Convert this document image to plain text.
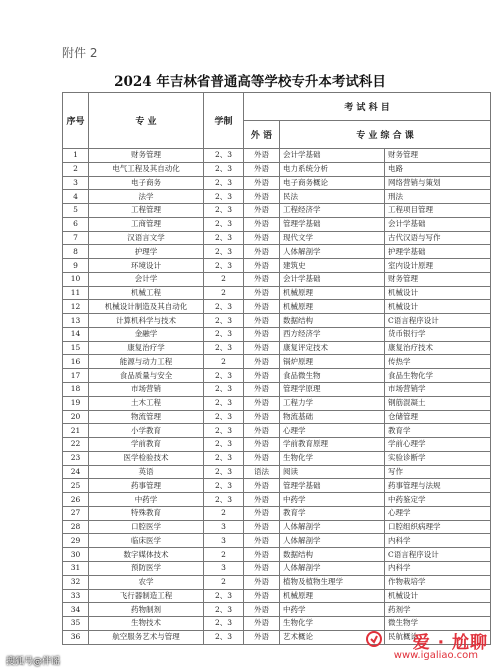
附件 2
2024 年吉林省普通高等学校专升本考试科目
序号	专 业	学制	考 试 科 目		
			外 语	专 业 综 合 课	
1	财务管理	2、3	外语	会计学基础	财务管理
2	电气工程及其自动化	2、3	外语	电力系统分析	电路
3	电子商务	2、3	外语	电子商务概论	网络营销与策划
4	法学	2、3	外语	民法	刑法
5	工程管理	2、3	外语	工程经济学	工程项目管理
6	工商管理	2、3	外语	管理学基础	会计学基础
7	汉语言文学	2、3	外语	现代文学	古代汉语与写作
8	护理学	2、3	外语	人体解剖学	护理学基础
9	环境设计	2、3	外语	建筑史	室内设计原理
10	会计学	2	外语	会计学基础	财务管理
11	机械工程	2	外语	机械原理	机械设计
12	机械设计制造及其自动化	2、3	外语	机械原理	机械设计
13	计算机科学与技术	2、3	外语	数据结构	C语言程序设计
14	金融学	2、3	外语	西方经济学	货币银行学
15	康复治疗学	2、3	外语	康复评定技术	康复治疗技术
16	能源与动力工程	2	外语	锅炉原理	传热学
17	食品质量与安全	2、3	外语	食品微生物	食品生物化学
18	市场营销	2、3	外语	管理学原理	市场营销学
19	土木工程	2、3	外语	工程力学	钢筋混凝土
20	物流管理	2、3	外语	物流基础	仓储管理
21	小学教育	2、3	外语	心理学	教育学
22	学前教育	2、3	外语	学前教育原理	学前心理学
23	医学检验技术	2、3	外语	生物化学	实验诊断学
24	英语	2、3	语法	阅读	写作
25	药事管理	2、3	外语	管理学基础	药事管理与法规
26	中药学	2、3	外语	中药学	中药鉴定学
27	特殊教育	2	外语	教育学	心理学
28	口腔医学	3	外语	人体解剖学	口腔组织病理学
29	临床医学	3	外语	人体解剖学	内科学
30	数字媒体技术	2	外语	数据结构	C语言程序设计
31	预防医学	3	外语	人体解剖学	内科学
32	农学	2	外语	植物及植物生理学	作物栽培学
33	飞行器制造工程	2、3	外语	机械原理	机械设计
34	药物制剂	2、3	外语	中药学	药剂学
35	生物技术	2、3	外语	生物化学	微生物学
36	航空服务艺术与管理	2、3	外语	艺术概论	民航概论
爱 · 尬聊
www.igaliao.com
搜狐号@伴谣
